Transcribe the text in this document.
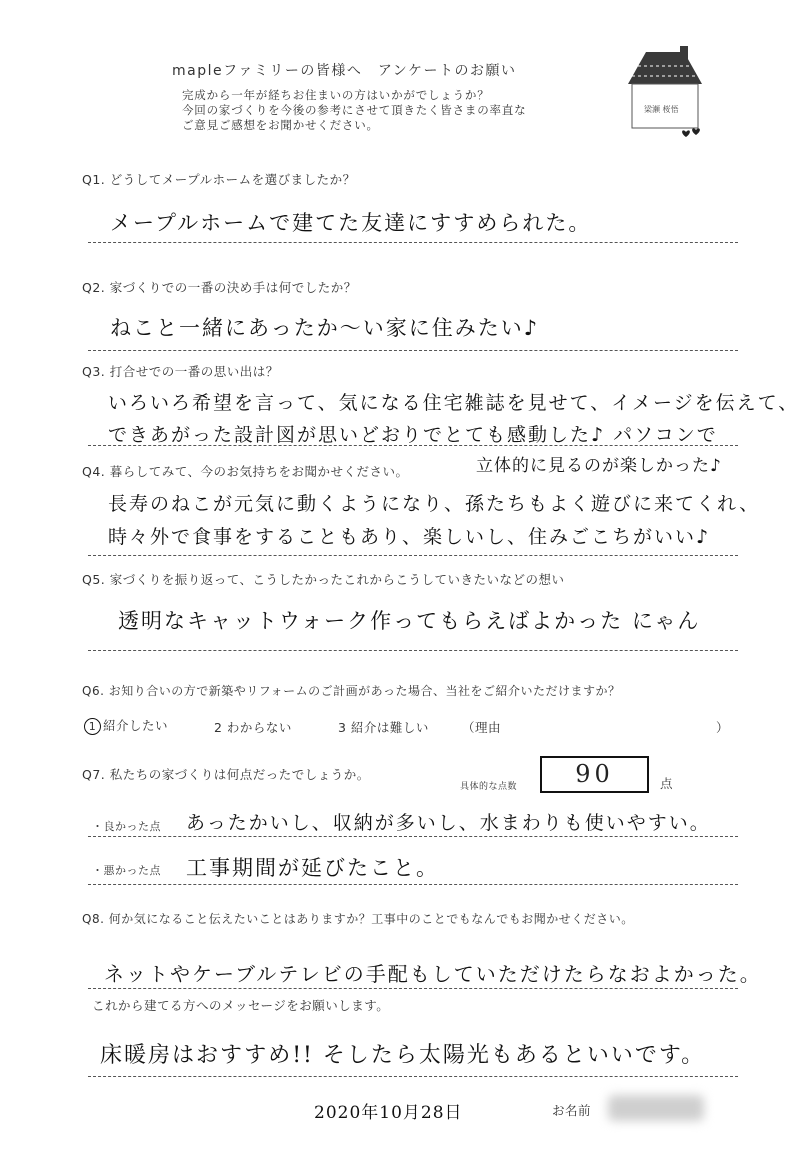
mapleファミリーの皆様へ　アンケートのお願い
完成から一年が経ちお住まいの方はいかがでしょうか？
今回の家づくりを今後の参考にさせて頂きたく皆さまの率直な
ご意見ご感想をお聞かせください。
梁瀬 桜悟
Q1. どうしてメープルホームを選びましたか？
メープルホームで建てた友達にすすめられた。
Q2. 家づくりでの一番の決め手は何でしたか？
ねこと一緒にあったか～い家に住みたい♪
Q3. 打合せでの一番の思い出は？
いろいろ希望を言って、気になる住宅雑誌を見せて、イメージを伝えて、
できあがった設計図が思いどおりでとても感動した♪ パソコンで
立体的に見るのが楽しかった♪
Q4. 暮らしてみて、今のお気持ちをお聞かせください。
長寿のねこが元気に動くようになり、孫たちもよく遊びに来てくれ、
時々外で食事をすることもあり、楽しいし、住みごこちがいい♪
Q5. 家づくりを振り返って、こうしたかったこれからこうしていきたいなどの想い
透明なキャットウォーク作ってもらえばよかった にゃん
Q6. お知り合いの方で新築やリフォームのご計画があった場合、当社をご紹介いただけますか？
1 紹介したい	2 わからない	3 紹介は難しい	（理由	）
Q7. 私たちの家づくりは何点だったでしょうか。
具体的な点数	90	点
・良かった点 あったかいし、収納が多いし、水まわりも使いやすい。
・悪かった点 工事期間が延びたこと。
Q8. 何か気になること伝えたいことはありますか？工事中のことでもなんでもお聞かせください。
ネットやケーブルテレビの手配もしていただけたらなおよかった。
これから建てる方へのメッセージをお願いします。
床暖房はおすすめ!! そしたら太陽光もあるといいです。
2020年10月28日	お名前
